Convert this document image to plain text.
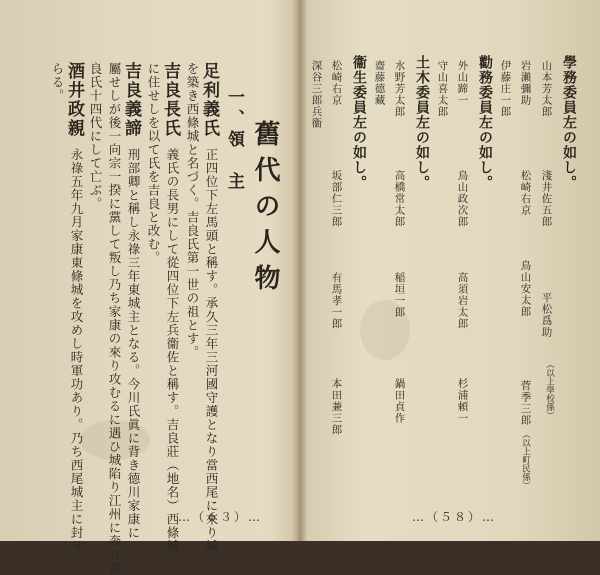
舊代の人物
一、領　主
足利義氏
正四位下左馬頭と稱す。承久三年三河國守護となり當西尾に來り城
を築き西條城と名づく。吉良氏第一世の祖とす。
吉良長氏
義氏の長男にして從四位下左兵衞佐と稱す。吉良莊（地名）西條城
に住せしを以て氏を吉良と改む。
吉良義諦
刑部卿と稱し永祿三年東城主となる。今川氏眞に背き德川家康に
屬せしが後一向宗一揆に黨して叛し乃ち家康の來り攻むるに遇ひ城陷り江州に奔り吉
良氏十四代にして亡ぶ。
酒井政親
永祿五年九月家康東條城を攻めし時軍功あり。乃ち西尾城主に封せ
らる。
…（６３）…
學務委員左の如し。
山本芳太郎
淺井佐五郎
平松爲助
（以上學校係）
岩瀨彌助
松崎右京
鳥山安太郎
菅季三郎
伊藤庄一郎
勸務委員左の如し。
（以上町民係）
外山蹄一
鳥山政次郎
高須岩太郎
杉浦頼一
守山喜太郎
土木委員左の如し。
水野芳太郎
高橋常太郎
稲垣一郎
鍋田貞作
齋藤德藏
衞生委員左の如し。
松崎右京
坂部仁三郎
有馬孝一郎
本田兼三郎
深谷三郎兵衞
…（５８）…
